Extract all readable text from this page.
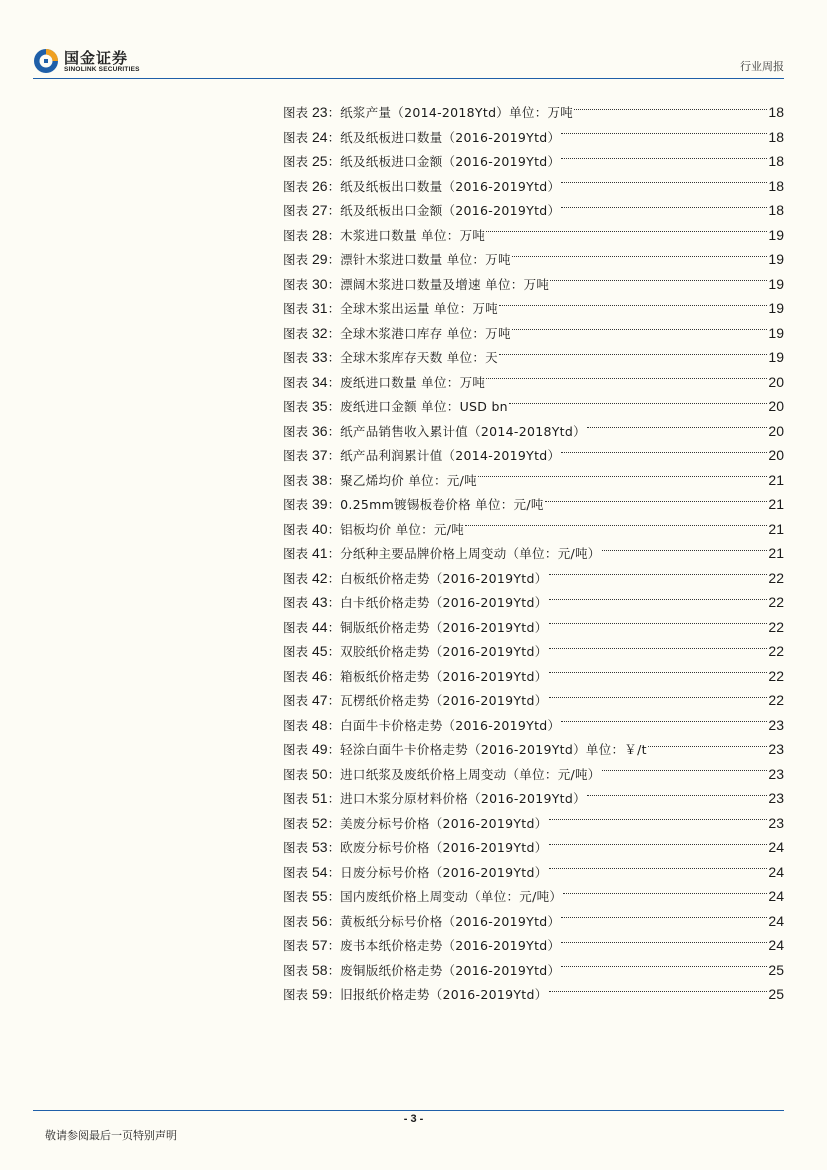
国金证券
SINOLINK SECURITIES	行业周报
图表 23： 纸浆产量（2014-2018Ytd）单位：万吨	18
图表 24： 纸及纸板进口数量（2016-2019Ytd）	18
图表 25： 纸及纸板进口金额（2016-2019Ytd）	18
图表 26： 纸及纸板出口数量（2016-2019Ytd）	18
图表 27： 纸及纸板出口金额（2016-2019Ytd）	18
图表 28： 木浆进口数量 单位：万吨	19
图表 29： 漂针木浆进口数量 单位：万吨	19
图表 30： 漂阔木浆进口数量及增速 单位：万吨	19
图表 31： 全球木浆出运量 单位：万吨	19
图表 32： 全球木浆港口库存 单位：万吨	19
图表 33： 全球木浆库存天数 单位：天	19
图表 34： 废纸进口数量 单位：万吨	20
图表 35： 废纸进口金额 单位：USD bn	20
图表 36： 纸产品销售收入累计值（2014-2018Ytd）	20
图表 37： 纸产品利润累计值（2014-2019Ytd）	20
图表 38： 聚乙烯均价 单位：元/吨	21
图表 39： 0.25mm镀锡板卷价格 单位：元/吨	21
图表 40： 铝板均价 单位：元/吨	21
图表 41： 分纸种主要品牌价格上周变动（单位：元/吨）	21
图表 42： 白板纸价格走势（2016-2019Ytd）	22
图表 43： 白卡纸价格走势（2016-2019Ytd）	22
图表 44： 铜版纸价格走势（2016-2019Ytd）	22
图表 45： 双胶纸价格走势（2016-2019Ytd）	22
图表 46： 箱板纸价格走势（2016-2019Ytd）	22
图表 47： 瓦楞纸价格走势（2016-2019Ytd）	22
图表 48： 白面牛卡价格走势（2016-2019Ytd）	23
图表 49： 轻涂白面牛卡价格走势（2016-2019Ytd）单位：￥/t	23
图表 50： 进口纸浆及废纸价格上周变动（单位：元/吨）	23
图表 51： 进口木浆分原材料价格（2016-2019Ytd）	23
图表 52： 美废分标号价格（2016-2019Ytd）	23
图表 53： 欧废分标号价格（2016-2019Ytd）	24
图表 54： 日废分标号价格（2016-2019Ytd）	24
图表 55： 国内废纸价格上周变动（单位：元/吨）	24
图表 56： 黄板纸分标号价格（2016-2019Ytd）	24
图表 57： 废书本纸价格走势（2016-2019Ytd）	24
图表 58： 废铜版纸价格走势（2016-2019Ytd）	25
图表 59： 旧报纸价格走势（2016-2019Ytd）	25
- 3 -
敬请参阅最后一页特别声明
